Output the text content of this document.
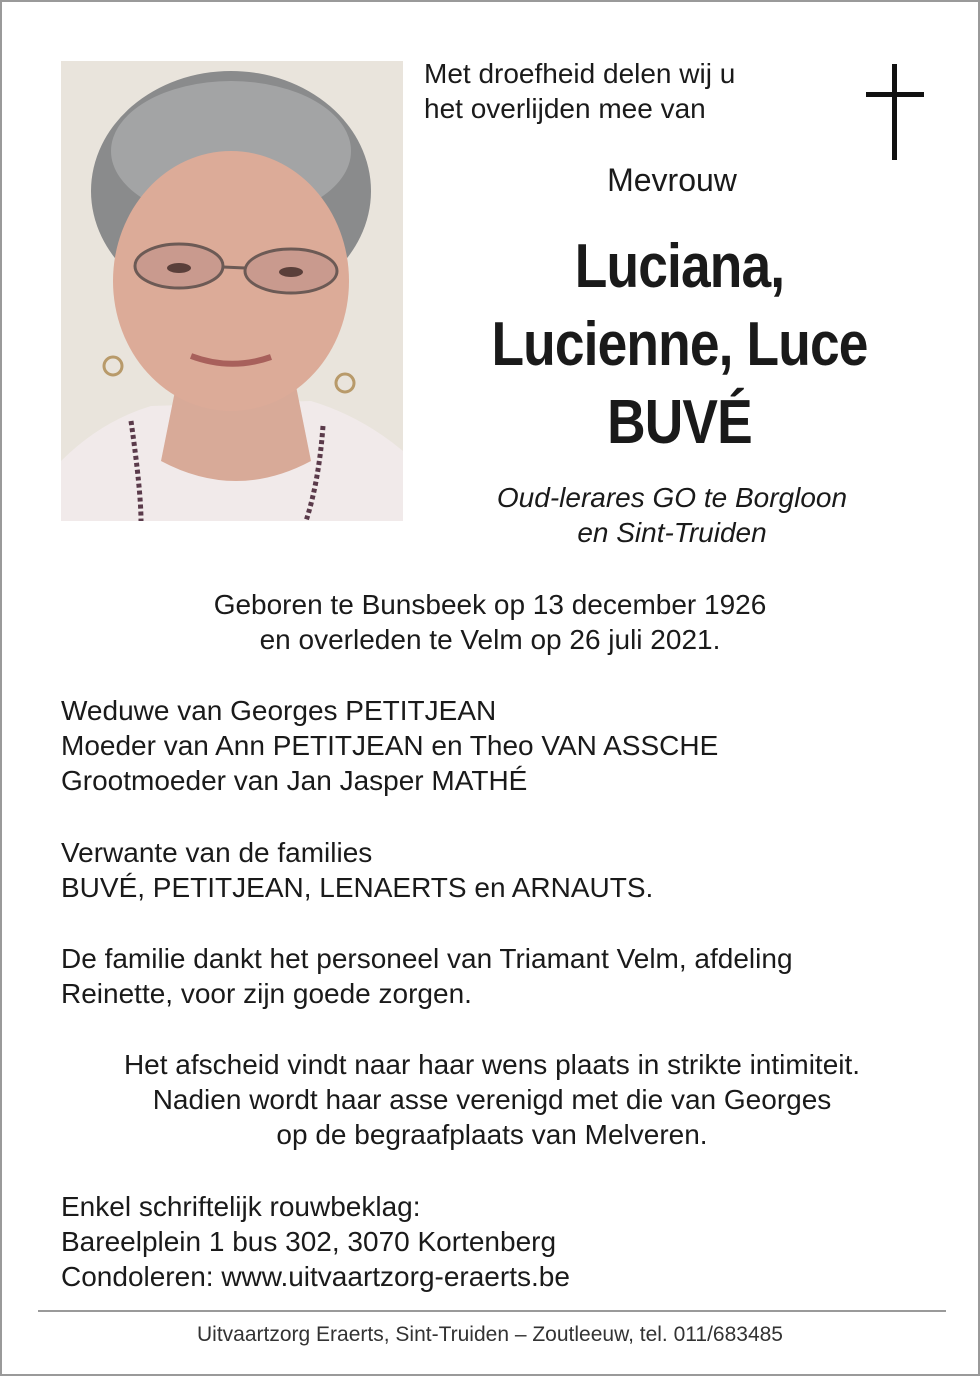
Met droefheid delen wij u
het overlijden mee van
Mevrouw
Luciana,
Lucienne, Luce
BUVÉ
Oud-lerares GO te Borgloon
en Sint-Truiden
Geboren te Bunsbeek op 13 december 1926
en overleden te Velm op 26 juli 2021.
Weduwe van Georges PETITJEAN
Moeder van Ann PETITJEAN en Theo VAN ASSCHE
Grootmoeder van Jan Jasper MATHÉ
Verwante van de families
BUVÉ, PETITJEAN, LENAERTS en ARNAUTS.
De familie dankt het personeel van Triamant Velm, afdeling
Reinette, voor zijn goede zorgen.
Het afscheid vindt naar haar wens plaats in strikte intimiteit.
Nadien wordt haar asse verenigd met die van Georges
op de begraafplaats van Melveren.
Enkel schriftelijk rouwbeklag:
Bareelplein 1 bus 302, 3070 Kortenberg
Condoleren: www.uitvaartzorg-eraerts.be
Uitvaartzorg Eraerts, Sint-Truiden – Zoutleeuw, tel. 011/683485
